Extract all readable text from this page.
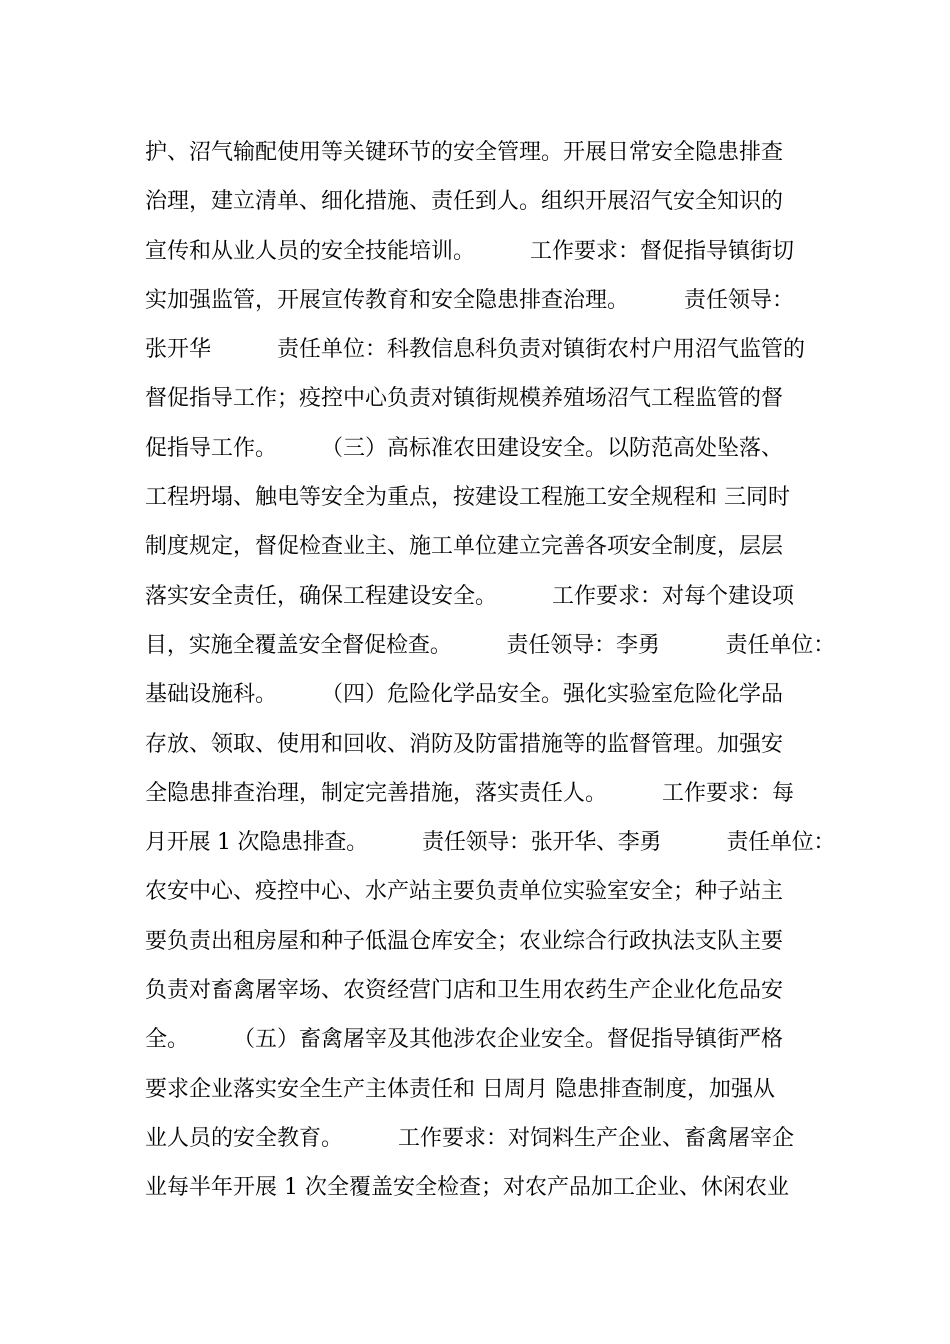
护、沼气输配使用等关键环节的安全管理。开展日常安全隐患排查
治理，建立清单、细化措施、责任到人。组织开展沼气安全知识的
宣传和从业人员的安全技能培训。　　　工作要求：督促指导镇街切
实加强监管，开展宣传教育和安全隐患排查治理。　　　责任领导：
张开华　　　责任单位：科教信息科负责对镇街农村户用沼气监管的
督促指导工作；疫控中心负责对镇街规模养殖场沼气工程监管的督
促指导工作。　　　（三）高标准农田建设安全。以防范高处坠落、
工程坍塌、触电等安全为重点，按建设工程施工安全规程和 三同时
制度规定，督促检查业主、施工单位建立完善各项安全制度，层层
落实安全责任，确保工程建设安全。　　　工作要求：对每个建设项
目，实施全覆盖安全督促检查。　　　责任领导：李勇　　　责任单位：
基础设施科。　　　（四）危险化学品安全。强化实验室危险化学品
存放、领取、使用和回收、消防及防雷措施等的监督管理。加强安
全隐患排查治理，制定完善措施，落实责任人。　　　工作要求：每
月开展 1 次隐患排查。　　　责任领导：张开华、李勇　　　责任单位：
农安中心、疫控中心、水产站主要负责单位实验室安全；种子站主
要负责出租房屋和种子低温仓库安全；农业综合行政执法支队主要
负责对畜禽屠宰场、农资经营门店和卫生用农药生产企业化危品安
全。　　　（五）畜禽屠宰及其他涉农企业安全。督促指导镇街严格
要求企业落实安全生产主体责任和 日周月 隐患排查制度，加强从
业人员的安全教育。　　　工作要求：对饲料生产企业、畜禽屠宰企
业每半年开展 1 次全覆盖安全检查；对农产品加工企业、休闲农业
